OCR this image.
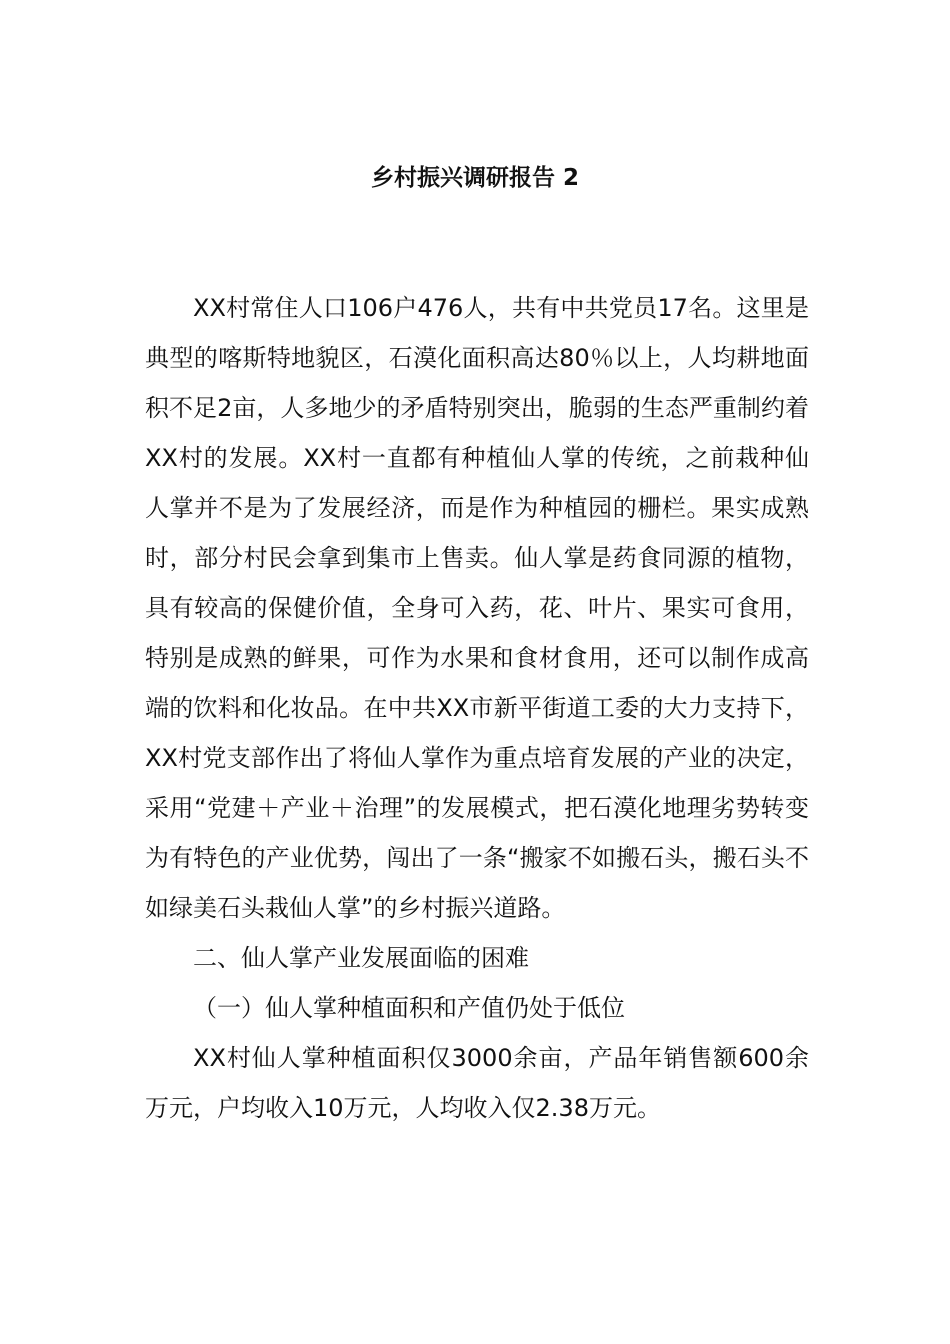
乡村振兴调研报告 2

XX村常住人口106户476人，共有中共党员17名。这里是典型的喀斯特地貌区，石漠化面积高达80％以上，人均耕地面积不足2亩，人多地少的矛盾特别突出，脆弱的生态严重制约着XX村的发展。XX村一直都有种植仙人掌的传统，之前栽种仙人掌并不是为了发展经济，而是作为种植园的栅栏。果实成熟时，部分村民会拿到集市上售卖。仙人掌是药食同源的植物，具有较高的保健价值，全身可入药，花、叶片、果实可食用，特别是成熟的鲜果，可作为水果和食材食用，还可以制作成高端的饮料和化妆品。在中共XX市新平街道工委的大力支持下，XX村党支部作出了将仙人掌作为重点培育发展的产业的决定，采用“党建＋产业＋治理”的发展模式，把石漠化地理劣势转变为有特色的产业优势，闯出了一条“搬家不如搬石头，搬石头不如绿美石头栽仙人掌”的乡村振兴道路。

二、仙人掌产业发展面临的困难

（一）仙人掌种植面积和产值仍处于低位

XX村仙人掌种植面积仅3000余亩，产品年销售额600余万元，户均收入10万元，人均收入仅2.38万元。
